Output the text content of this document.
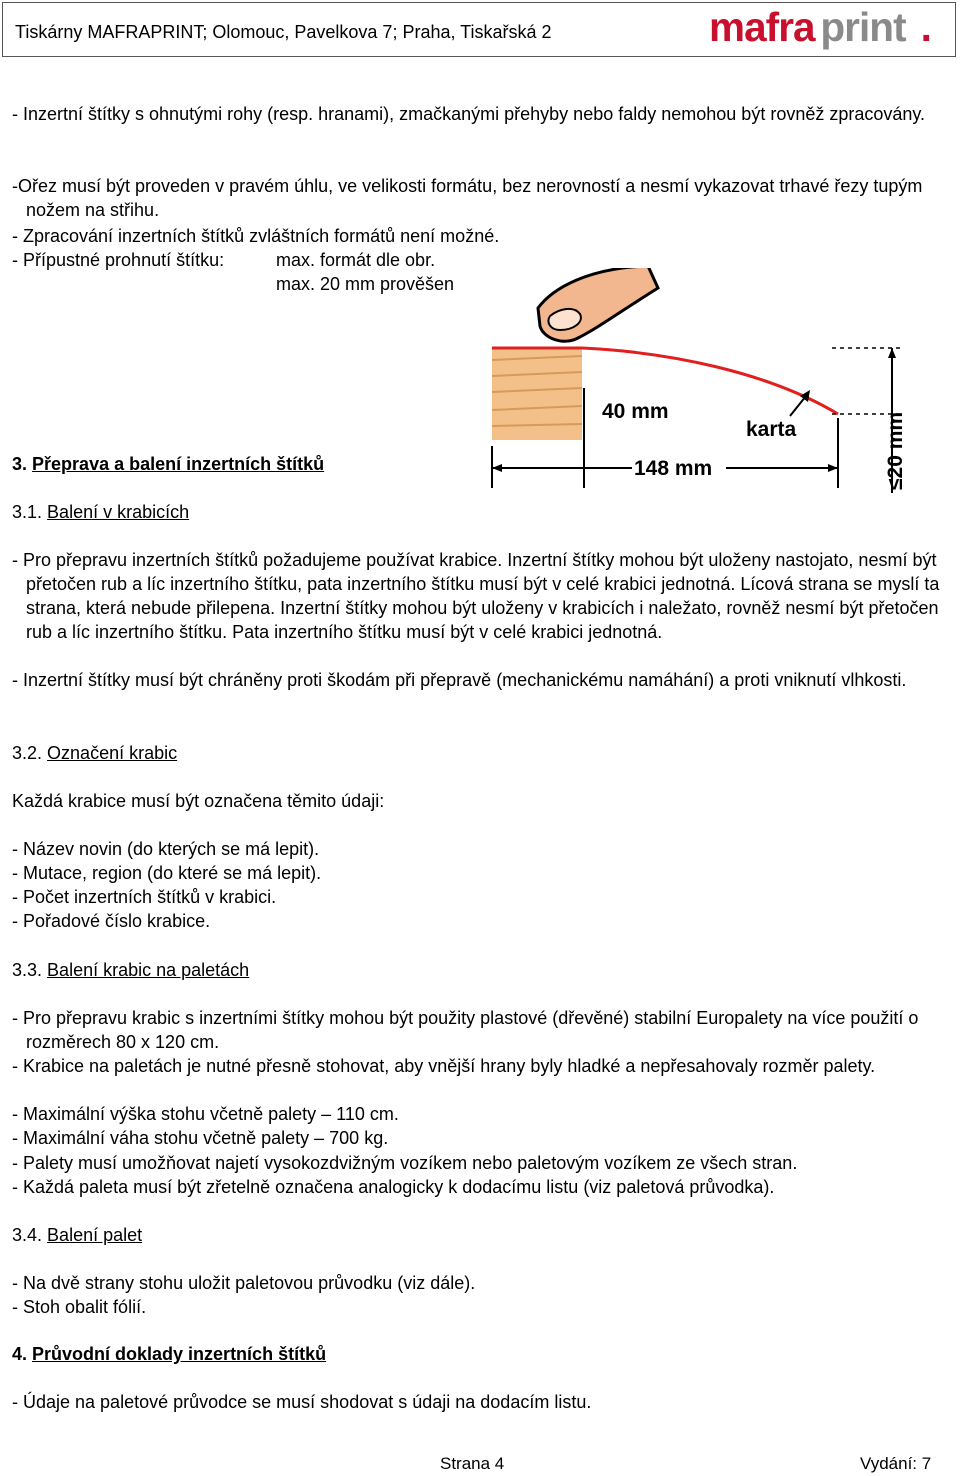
Tiskárny MAFRAPRINT; Olomouc, Pavelkova 7; Praha, Tiskařská 2	mafra print .
- Inzertní štítky s ohnutými rohy (resp. hranami), zmačkanými přehyby nebo faldy nemohou být rovněž zpracovány.
-Ořez musí být proveden v pravém úhlu, ve velikosti formátu, bez nerovností a nesmí vykazovat trhavé řezy tupým nožem na střihu.
- Zpracování inzertních štítků zvláštních formátů není možné.
- Přípustné prohnutí štítku:	max. formát dle obr.
max. 20 mm prověšen
40 mm
karta
148 mm	≤20 mm
3. Přeprava a balení inzertních štítků
3.1. Balení v krabicích
- Pro přepravu inzertních štítků požadujeme používat krabice. Inzertní štítky mohou být uloženy nastojato, nesmí být přetočen rub a líc inzertního štítku, pata inzertního štítku musí být v celé krabici jednotná. Lícová strana se myslí ta strana, která nebude přilepena. Inzertní štítky mohou být uloženy v krabicích i naležato, rovněž nesmí být přetočen rub a líc inzertního štítku. Pata inzertního štítku musí být v celé krabici jednotná.
- Inzertní štítky musí být chráněny proti škodám při přepravě (mechanickému namáhání) a proti vniknutí vlhkosti.
3.2. Označení krabic
Každá krabice musí být označena těmito údaji:
- Název novin (do kterých se má lepit).
- Mutace, region (do které se má lepit).
- Počet inzertních štítků v krabici.
- Pořadové číslo krabice.
3.3. Balení krabic na paletách
- Pro přepravu krabic s inzertními štítky mohou být použity plastové (dřevěné) stabilní Europalety na více použití o rozměrech 80 x 120 cm.
- Krabice na paletách je nutné přesně stohovat, aby vnější hrany byly hladké a nepřesahovaly rozměr palety.
- Maximální výška stohu včetně palety – 110 cm.
- Maximální váha stohu včetně palety – 700 kg.
- Palety musí umožňovat najetí vysokozdvižným vozíkem nebo paletovým vozíkem ze všech stran.
- Každá paleta musí být zřetelně označena analogicky k dodacímu listu (viz paletová průvodka).
3.4. Balení palet
- Na dvě strany stohu uložit paletovou průvodku (viz dále).
- Stoh obalit fólií.
4. Průvodní doklady inzertních štítků
- Údaje na paletové průvodce se musí shodovat s údaji na dodacím listu.
Strana 4	Vydání: 7
